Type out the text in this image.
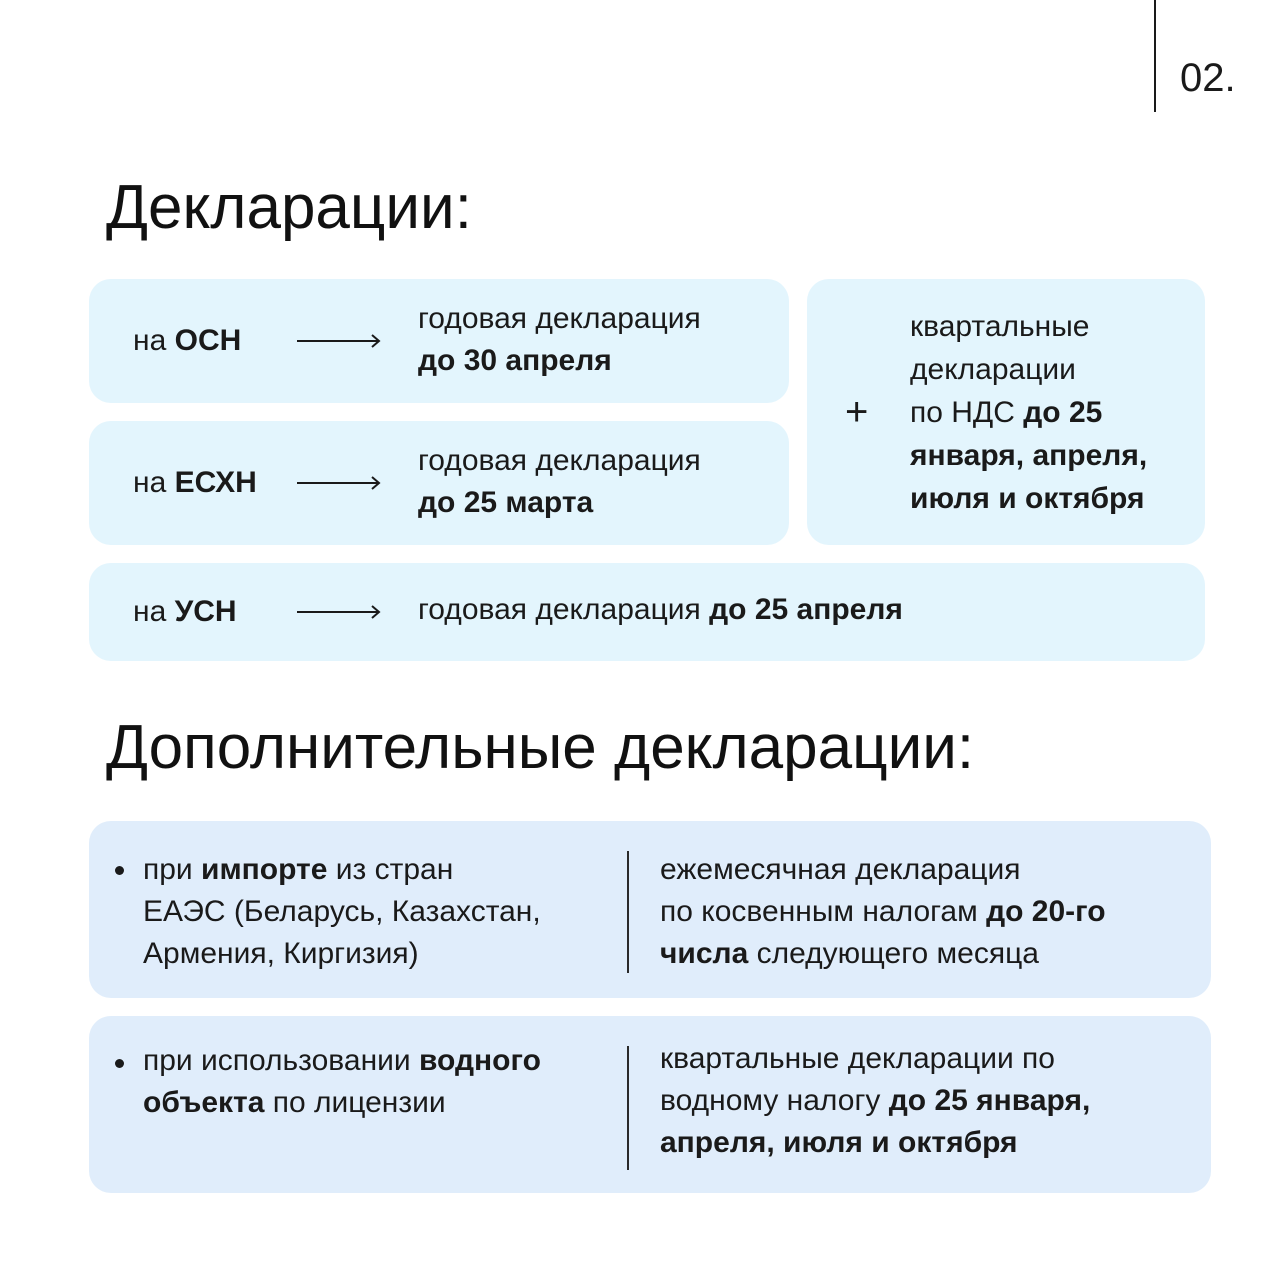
02.
Декларации:
на ОСН
годовая декларация
до 30 апреля
на ЕСХН
годовая декларация
до 25 марта
+
квартальные
декларации
по НДС до 25
января, апреля,
июля и октября
на УСН	годовая декларация до 25 апреля
Дополнительные декларации:
при импорте из стран
ЕАЭС (Беларусь, Казахстан,
Армения, Киргизия)
ежемесячная декларация
по косвенным налогам до 20-го
числа следующего месяца
при использовании водного
объекта по лицензии
квартальные декларации по
водному налогу до 25 января,
апреля, июля и октября
